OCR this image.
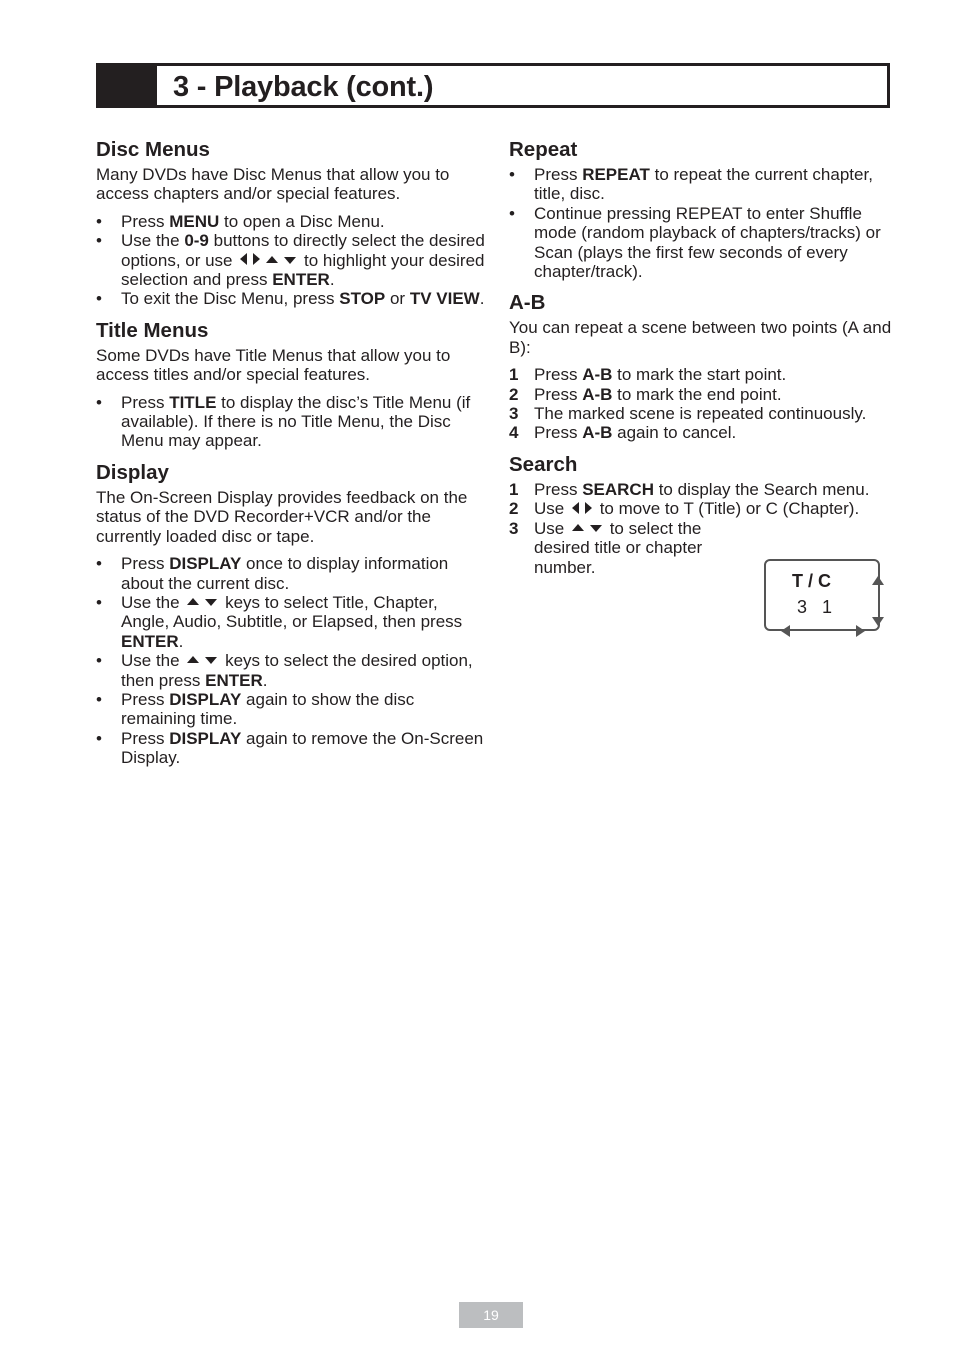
3 - Playback (cont.)
Disc Menus

Many DVDs have Disc Menus that allow you to access chapters and/or special features.

• Press MENU to open a Disc Menu.
• Use the 0-9 buttons to directly select the desired options, or use	to highlight your desired selection and press ENTER.
• To exit the Disc Menu, press STOP or TV VIEW.
Title Menus

Some DVDs have Title Menus that allow you to access titles and/or special features.

• Press TITLE to display the disc’s Title Menu (if available). If there is no Title Menu, the Disc Menu may appear.
Display

The On-Screen Display provides feedback on the status of the DVD Recorder+VCR and/or the currently loaded disc or tape.

• Press DISPLAY once to display information about the current disc.
• Use the	keys to select Title, Chapter, Angle, Audio, Subtitle, or Elapsed, then press ENTER.
• Use the	keys to select the desired option, then press ENTER.
• Press DISPLAY again to show the disc remaining time.
• Press DISPLAY again to remove the On-Screen Display.
Repeat
• Press REPEAT to repeat the current chapter, title, disc.
• Continue pressing REPEAT to enter Shuffle mode (random playback of chapters/tracks) or Scan (plays the first few seconds of every chapter/track).
A-B

You can repeat a scene between two points (A and B):

1 Press A-B to mark the start point.
2 Press A-B to mark the end point.
3 The marked scene is repeated continuously.
4 Press A-B again to cancel.
Search
1 Press SEARCH to display the Search menu.
2 Use to move to T (Title) or C (Chapter).
3 Use	to select the desired title or chapter number.
T / C
3   1
19
